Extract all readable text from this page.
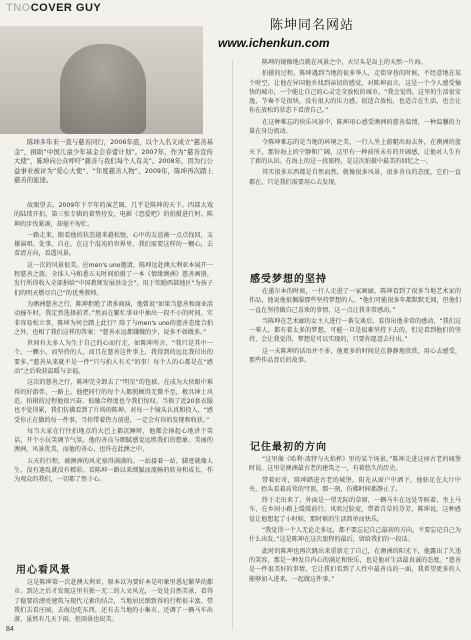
TNOCOVER GUY
陈坤同名网站
www.ichenkun.com

陈坤多年来一直与慈善同行，2006年底，以个人名义成立“慈善基金”，捐助“中国儿童少年基金会春蕾计划”。2007年，作为“慈善宣传大使”，陈坤向公众呼吁“慈善与我们每个人有关”。2008年，因为行公益事业被评为“爱心大使”、“年度慈善人物”，2009年，陈坤再次踏上慈善的旅途。

故眼望去，2009年下半年的演艺圈，几乎是陈坤的天下。四部大戏的陆续开拍，第三张专辑的着势待发，电影《恋爱吧》的拍摄进行时。陈坤的步伐紧凑，却毫不匆忙。

一路走来，眼看他的状态越来越松弛，心中的友谊被一点点找回，支撑演唱、处事、自在，在这个混沌的世界里，我们需要这样的一颗心，去看清方向，看透风景。

这一次的风景很美。应men's uno邀请，陈坤远赴澳大利亚本展开一程慈善之旅。全体人马和悉五天时间拍摄了一本《情缘澳洲》慈善画册，发行所得收入全部捐给“中国教师发展基金会”，用于奖励西部地区“为孩子们的明天燃尽自己”的优秀教师。

为澳洲慈善之行，陈坤拒绝了诸多商演，他曾说“如果当慈善和商业活动撞车时，我定然选择前者。”然而在繁忙事业中抽出一段不小的时间，实非容易松立事，陈坤为何会踏上此行？除了与men's uno的慈善态度合拍之外，也相了我们这样的答案：“慈善永远都嫌做的少，说多不如做多。”

世间有太多人为生于自己的心而行走，如陈坤所言，“我只是其中一个，一颗小，而坚持的人，而且在慈善这件事上，我得到的远比我付出的要多。”慈善从来就不是一件“只与拍人有关”的事！每个人的心都是在“感动”之后收获温暖与幸福。

这次的慈善之行，陈坤完全卸去了“明星”的包袱。在成为大伙眼中难得的好游伴，一路上，他把同行的每个人都照顾得无微不至，极具绅士风范。拍摄的过程他很兴奋、很融合程度也令我们惊叹。当换了近20套衣服也不觉得累，我们仿佛看到了片场的陈坤，对每一个镜头认真和投入，“感受你正在做的每一件事，当你带着热力前进，一定会有你的发现和收获。”

每当大家在行往拍地点的大巴上都沉睡时，他都会捧起心地讲个笑话，开个小玩笑调节气氛。他的善良与细腻感觉远胜我们的想象。美丽的澳洲，风景优美，而他的善心，也许在此澳之中。

五天的行程，被澳洲的风光塞得满满的。一站接着一站，脚迹就像人生，没有逢乱就没有精彩。看陈坤一路以来细腻而流畅的转身和成长，作为观众的我们，一切都了然于心。

用心看风景

这是陈坤第一次赴澳大利亚，原本以为要好本是印象里悉尼繁华的都市。到达之后才发现这里有独一无二的人文风光，一处处自然美景，看得了稳要的漂亮建筑与现代元素的结合，当地居民细致得的行程很丰富，带我们去看庄园，去海边吃东西，还有去当地的小集市，还调了一辆马车出游，虽然有几天下雨，但雨景也很美。

陈坤的镜像地点就在风景之中，天尽头是岛上的天然一片海。

拍摄的过程，陈坤遇到当地的很多华人，走街穿巷的时候，不经意地在某个时空，让他在异国他乡找到亲切的感觉，对陈坤而言，这是一个令人感受愉快的城市，一个能让自己的心灵完全放松的城市。“我会觉得，这里的生活很安逸，节奏不是很快，没有很大的压力感，很适合放松，也适合在生活，也会让你在放松的状态下看清自己。”

在这种难忘的快乐风景中，陈坤用心感受澳洲的慈善温情，一种温馨的力量在身边流动。

令陈坤难忘的是当地的环境之美，一行人坐上游艇出海去外，在澳洲的蓝天下，那份海上的宁静和广阔，这里有一种前所未有的开阔感，让他对人生有了新的认识。在海上的这一段旅程，是这次拍摄中最美的回忆之一。

其实很多东西都是自然而然，就像很多风景，很多善良的态度，它们一直都在，只是我们需要用心去发现。

感受梦想的坚持

在墨尔本的时候，一行人走进了一家画廊，陈坤看到了很多当地艺术家的作品，他说他很佩服那些坚持梦想的人。“他们可能很多年都默默无闻，但他们一直在坚持做自己喜欢的事情，这一点让我非常感动。”

当陈坤在艺术廊的女主人进行一番交谈后，看得出他非常的感动，“我们这一辈人，都有着太多的梦想，可能一旦是很难坚持下去的，但是看到他们的坚持，会让我觉得，梦想是可以实现的，只要你愿意去付出。”

这一天陈坤的话语并不多，他更多的时间是在静静地欣赏，用心去感受，那些作品背后的故事。

记住最初的方向

“这里像《哈利·波特与火焰杯》里的某个场景。”陈坤走进这座古老的城堡时说。这里是澳洲最古老的建筑之一，有着悠久的历史。

带着好奇，陈坤踏进古老的城堡，阳光从窗户中洒下，他驻足在大厅中央，抬头看着高耸的穹顶，那一刻，仿佛时间都静止了。

终于走出来了，外面是一望无际的草原，一辆马车在远处等候着。坐上马车，在乡间小路上缓缓前行，风吹过脸庞，带着青草的芬芳，陈坤说，这种感觉让他想起了小时候，那时候的生活简单而快乐。

“我觉得一个人无论走多远，都不要忘记自己最初的方向，不要忘记自己为什么出发。”这是陈坤在这次旅程的最后，留给我们的一段话。

此时的陈坤也再次跳出来重新走了自己，在澳洲的阳光下，他露出了久违的笑容，那是一种发自内心的满足和快乐，也是他对生活最真诚的态度。“慈善是一件很美好的事情，它让我们看到了人性中最善良的一面，我希望更多的人能够加入进来，一起做这件事。”

84
